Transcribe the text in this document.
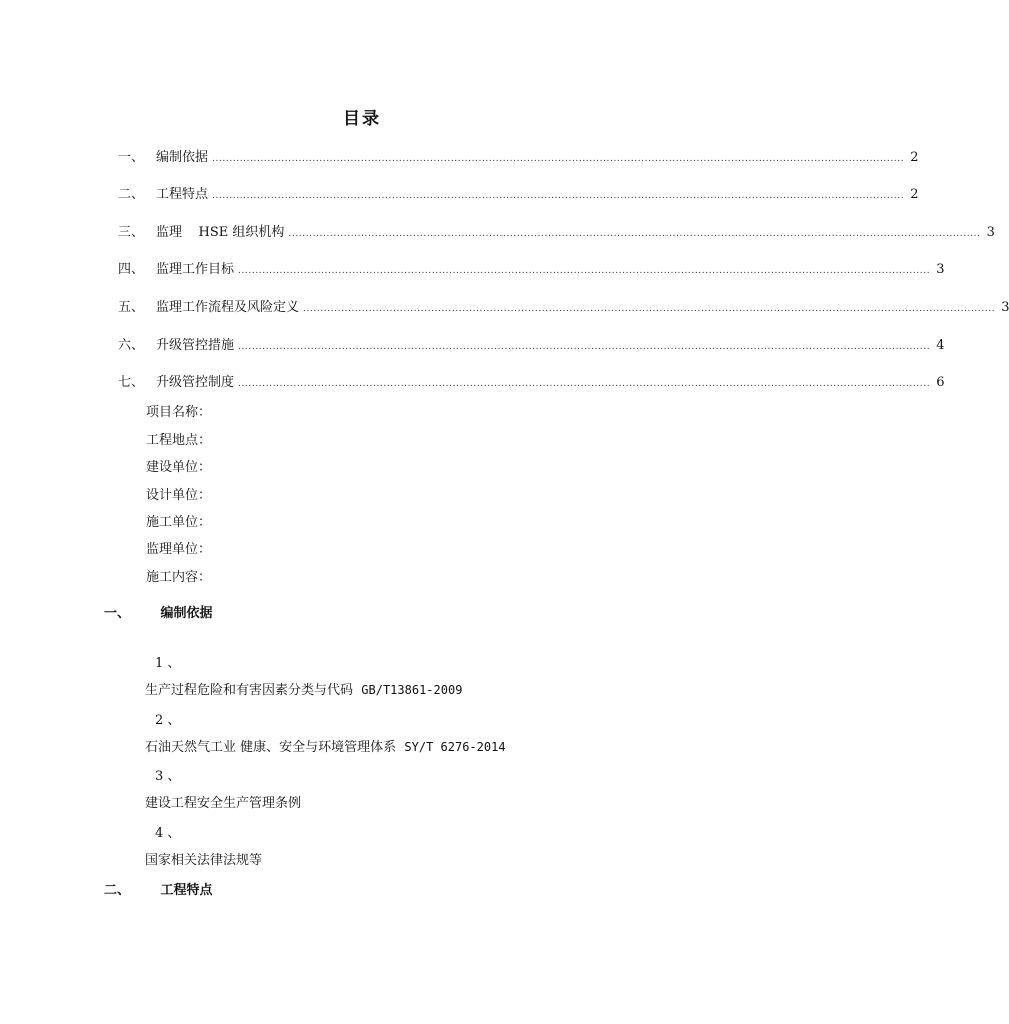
目录
一、 编制依据 ........................................................................................................................................................................................................ 2
二、 工程特点 ........................................................................................................................................................................................................ 2
三、 监理    HSE 组织机构 ........................................................................................................................................................................................................ 3
四、 监理工作目标 ........................................................................................................................................................................................................ 3
五、 监理工作流程及风险定义 ........................................................................................................................................................................................................ 3
六、 升级管控措施 ........................................................................................................................................................................................................ 4
七、 升级管控制度 ........................................................................................................................................................................................................ 6
项目名称：
工程地点：
建设单位：
设计单位：
施工单位：
监理单位：
施工内容：
一、 编制依据
1 、
生产过程危险和有害因素分类与代码 GB/T13861-2009
2 、
石油天然气工业 健康、安全与环境管理体系 SY/T 6276-2014
3 、
建设工程安全生产管理条例
4 、
国家相关法律法规等
二、 工程特点
